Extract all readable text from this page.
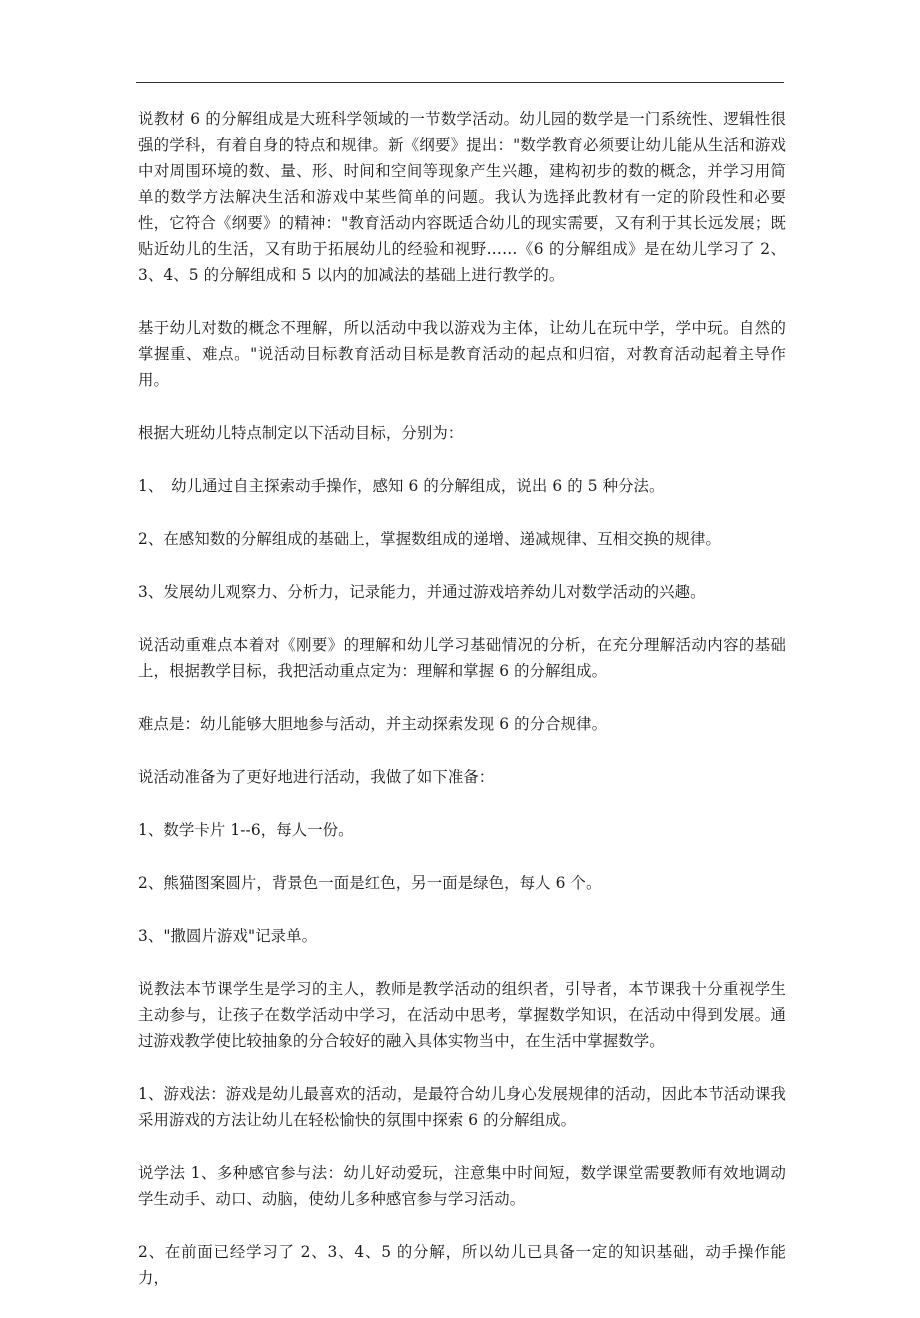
说教材 6 的分解组成是大班科学领域的一节数学活动。幼儿园的数学是一门系统性、逻辑性很强的学科，有着自身的特点和规律。新《纲要》提出："数学教育必须要让幼儿能从生活和游戏中对周围环境的数、量、形、时间和空间等现象产生兴趣，建构初步的数的概念，并学习用简单的数学方法解决生活和游戏中某些简单的问题。我认为选择此教材有一定的阶段性和必要性，它符合《纲要》的精神："教育活动内容既适合幼儿的现实需要，又有利于其长远发展；既贴近幼儿的生活，又有助于拓展幼儿的经验和视野……《6 的分解组成》是在幼儿学习了 2、3、4、5 的分解组成和 5 以内的加减法的基础上进行教学的。

基于幼儿对数的概念不理解，所以活动中我以游戏为主体，让幼儿在玩中学，学中玩。自然的掌握重、难点。"说活动目标教育活动目标是教育活动的起点和归宿，对教育活动起着主导作用。

根据大班幼儿特点制定以下活动目标，分别为：

1、　幼儿通过自主探索动手操作，感知 6 的分解组成，说出 6 的 5 种分法。

2、在感知数的分解组成的基础上，掌握数组成的递增、递减规律、互相交换的规律。

3、发展幼儿观察力、分析力，记录能力，并通过游戏培养幼儿对数学活动的兴趣。

说活动重难点本着对《刚要》的理解和幼儿学习基础情况的分析，在充分理解活动内容的基础上，根据教学目标，我把活动重点定为：理解和掌握 6 的分解组成。

难点是：幼儿能够大胆地参与活动，并主动探索发现 6 的分合规律。

说活动准备为了更好地进行活动，我做了如下准备：

1、数学卡片 1--6，每人一份。

2、熊猫图案圆片，背景色一面是红色，另一面是绿色，每人 6 个。

3、"撒圆片游戏"记录单。

说教法本节课学生是学习的主人，教师是教学活动的组织者，引导者，本节课我十分重视学生主动参与，让孩子在数学活动中学习，在活动中思考，掌握数学知识，在活动中得到发展。通过游戏教学使比较抽象的分合较好的融入具体实物当中，在生活中掌握数学。

1、游戏法：游戏是幼儿最喜欢的活动，是最符合幼儿身心发展规律的活动，因此本节活动课我采用游戏的方法让幼儿在轻松愉快的氛围中探索 6 的分解组成。

说学法 1、多种感官参与法：幼儿好动爱玩，注意集中时间短，数学课堂需要教师有效地调动学生动手、动口、动脑，使幼儿多种感官参与学习活动。

2、在前面已经学习了 2、3、4、5 的分解，所以幼儿已具备一定的知识基础，动手操作能力，
